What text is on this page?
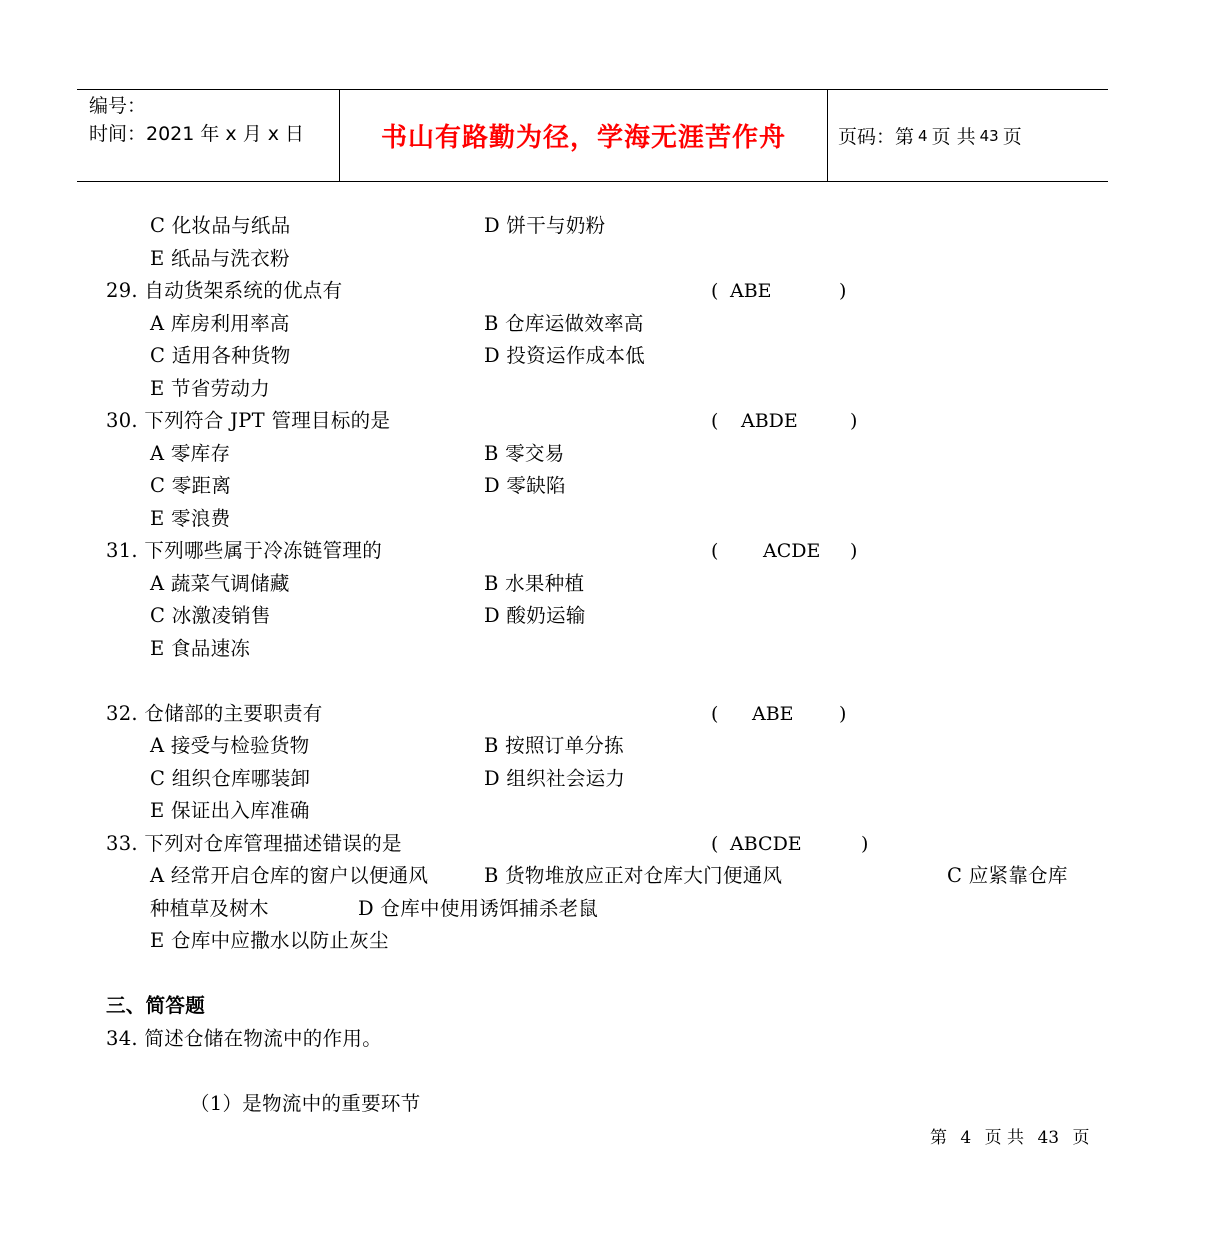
编号：
时间：2021 年 x 月 x 日	书山有路勤为径，学海无涯苦作舟	页码：第 4 页 共 43 页
C 化妆品与纸品	D 饼干与奶粉
E 纸品与洗衣粉
29. 自动货架系统的优点有	( ABE	)
A 库房利用率高	B 仓库运做效率高
C 适用各种货物	D 投资运作成本低
E 节省劳动力
30. 下列符合 JPT 管理目标的是	( ABDE	)
A 零库存	B 零交易
C 零距离	D 零缺陷
E 零浪费
31. 下列哪些属于冷冻链管理的	( ACDE )
A 蔬菜气调储藏	B 水果种植
C 冰激凌销售	D 酸奶运输
E 食品速冻
32. 仓储部的主要职责有	( ABE )
A 接受与检验货物	B 按照订单分拣
C 组织仓库哪装卸	D 组织社会运力
E 保证出入库准确
33. 下列对仓库管理描述错误的是	( ABCDE	)
A 经常开启仓库的窗户以便通风	B 货物堆放应正对仓库大门便通风	C 应紧靠仓库
种植草及树木	D 仓库中使用诱饵捕杀老鼠
E 仓库中应撒水以防止灰尘
三、简答题
34. 简述仓储在物流中的作用。
（1）是物流中的重要环节
第 4 页 共 43 页
